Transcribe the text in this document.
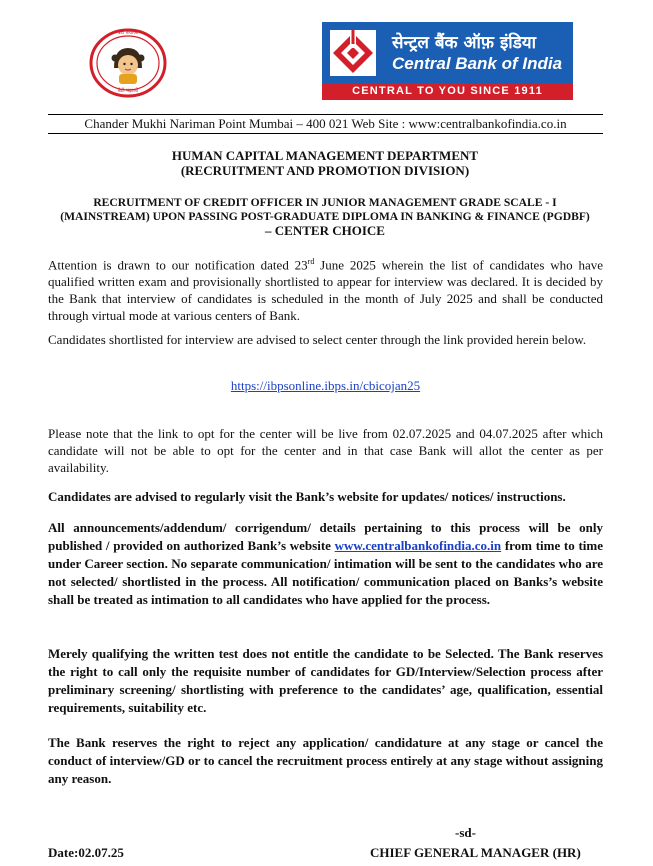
बेटी बचाओ
बेटी पढ़ाओ
सेन्ट्रल बैंक ऑफ़ इंडिया
Central Bank of India
CENTRAL TO YOU SINCE 1911
Chander Mukhi Nariman Point Mumbai – 400 021 Web Site : www:centralbankofindia.co.in
HUMAN CAPITAL MANAGEMENT DEPARTMENT
(RECRUITMENT AND PROMOTION DIVISION)
RECRUITMENT OF CREDIT OFFICER IN JUNIOR MANAGEMENT GRADE SCALE - I
(MAINSTREAM) UPON PASSING POST-GRADUATE DIPLOMA IN BANKING & FINANCE (PGDBF)
– CENTER CHOICE
Attention is drawn to our notification dated 23rd June 2025 wherein the list of candidates who have qualified written exam and provisionally shortlisted to appear for interview was declared. It is decided by the Bank that interview of candidates is scheduled in the month of July 2025 and shall be conducted through virtual mode at various centers of Bank.
Candidates shortlisted for interview are advised to select center through the link provided herein below.
https://ibpsonline.ibps.in/cbicojan25
Please note that the link to opt for the center will be live from 02.07.2025 and 04.07.2025 after which candidate will not be able to opt for the center and in that case Bank will allot the center as per availability.
Candidates are advised to regularly visit the Bank’s website for updates/ notices/ instructions.
All announcements/addendum/ corrigendum/ details pertaining to this process will be only published / provided on authorized Bank’s website www.centralbankofindia.co.in from time to time under Career section. No separate communication/ intimation will be sent to the candidates who are not selected/ shortlisted in the process. All notification/ communication placed on Banks’s website shall be treated as intimation to all candidates who have applied for the process.
Merely qualifying the written test does not entitle the candidate to be Selected. The Bank reserves the right to call only the requisite number of candidates for GD/Interview/Selection process after preliminary screening/ shortlisting with preference to the candidates’ age, qualification, essential requirements, suitability etc.
The Bank reserves the right to reject any application/ candidature at any stage or cancel the conduct of interview/GD or to cancel the recruitment process entirely at any stage without assigning any reason.
-sd-
Date:02.07.25	CHIEF GENERAL MANAGER (HR)
